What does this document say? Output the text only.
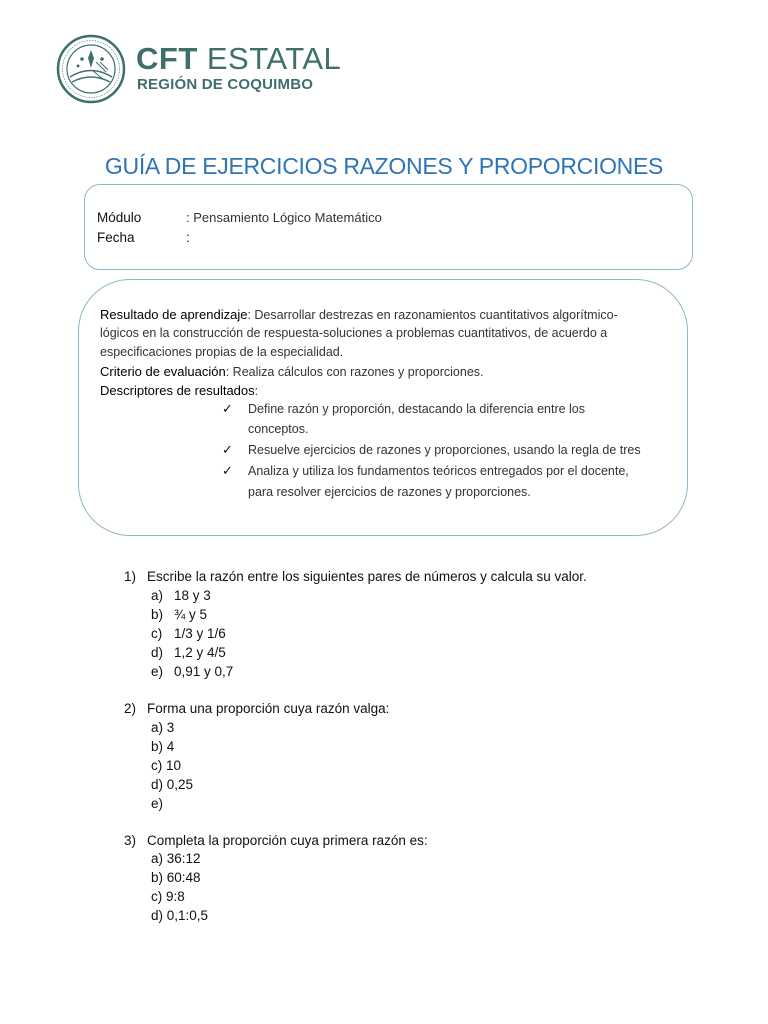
CFT ESTATAL
REGIÓN DE COQUIMBO
GUÍA DE EJERCICIOS RAZONES Y PROPORCIONES
Módulo	: Pensamiento Lógico Matemático
Fecha	:
Resultado de aprendizaje: Desarrollar destrezas en razonamientos cuantitativos algorítmico-
lógicos en la construcción de respuesta-soluciones a problemas cuantitativos, de acuerdo a
especificaciones propias de la especialidad.
Criterio de evaluación: Realiza cálculos con razones y proporciones.
Descriptores de resultados:
✓ Define razón y proporción, destacando la diferencia entre los
conceptos.
✓ Resuelve ejercicios de razones y proporciones, usando la regla de tres
✓ Analiza y utiliza los fundamentos teóricos entregados por el docente,
para resolver ejercicios de razones y proporciones.
1) Escribe la razón entre los siguientes pares de números y calcula su valor.
a) 18 y 3
b) ¾ y 5
c) 1/3 y 1/6
d) 1,2 y 4/5
e) 0,91 y 0,7
2) Forma una proporción cuya razón valga:
a) 3
b) 4
c) 10
d) 0,25
e)
3) Completa la proporción cuya primera razón es:
a) 36:12
b) 60:48
c) 9:8
d) 0,1:0,5
